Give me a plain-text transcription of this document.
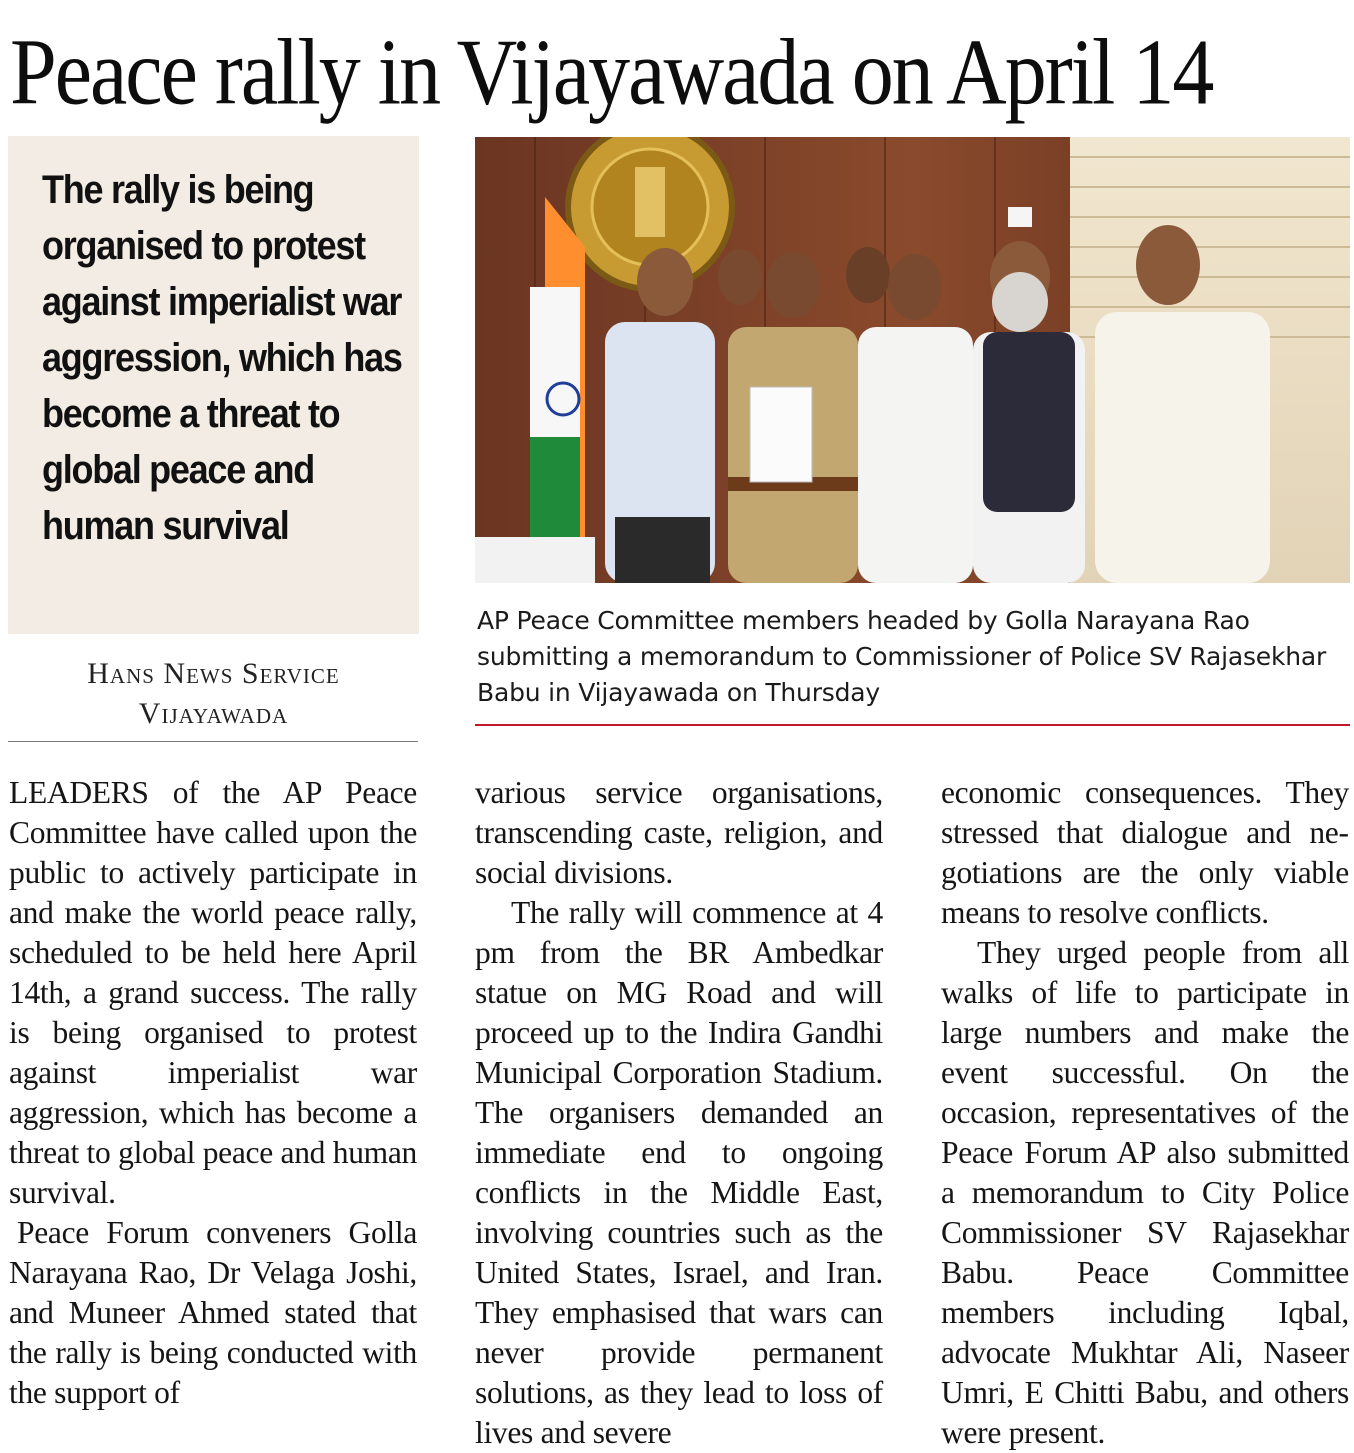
Peace rally in Vijayawada on April 14
The rally is being organised to protest against imperialist war aggression, which has become a threat to global peace and human survival
Hans News Service
Vijayawada
AP Peace Committee members headed by Golla Narayana Rao submitting a memorandum to Commissioner of Police SV Rajasekhar Babu in Vijayawada on Thursday

LEADERS of the AP Peace Committee have called upon the public to actively participate in and make the world peace rally, scheduled to be held here April 14th, a grand success. The rally is being organised to protest against imperialist war aggression, which has become a threat to global peace and human survival.

Peace Forum conveners Golla Narayana Rao, Dr Velaga Joshi, and Muneer Ahmed stated that the rally is being conducted with the support of

various service organisations, transcending caste, religion, and social divisions.

The rally will commence at 4 pm from the BR Ambedkar statue on MG Road and will proceed up to the Indira Gandhi Municipal Corporation Stadium. The organisers demanded an immediate end to ongoing conflicts in the Middle East, involving countries such as the United States, Israel, and Iran. They emphasised that wars can never provide permanent solutions, as they lead to loss of lives and severe

economic consequences. They stressed that dialogue and negotiations are the only viable means to resolve conflicts.

They urged people from all walks of life to participate in large numbers and make the event successful. On the occasion, representatives of the Peace Forum AP also submitted a memorandum to City Police Commissioner SV Rajasekhar Babu. Peace Committee members including Iqbal, advocate Mukhtar Ali, Naseer Umri, E Chitti Babu, and others were present.
